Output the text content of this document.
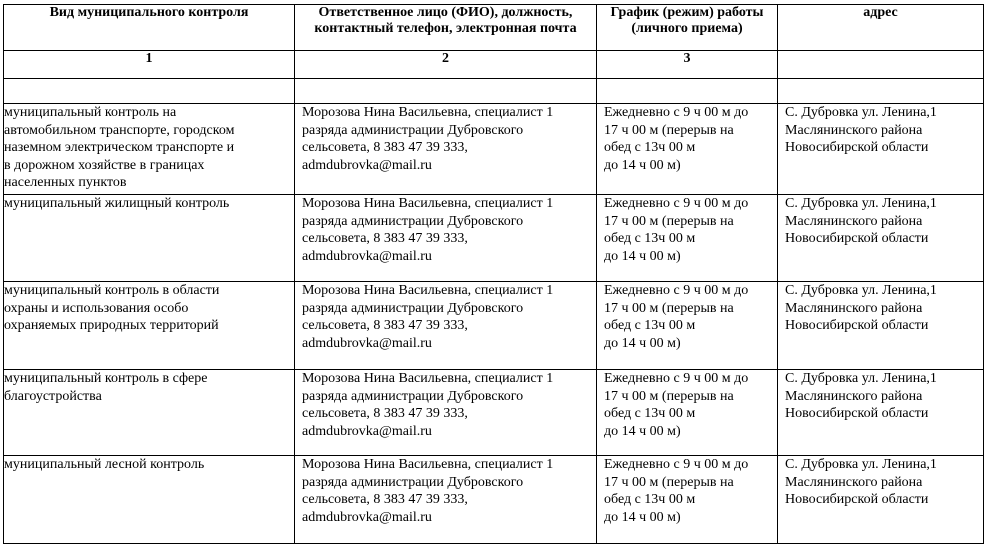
Вид муниципального контроля	Ответственное лицо (ФИО), должность,
контактный телефон, электронная почта	График (режим) работы
(личного приема)	адрес
1	2	3	

муниципальный контроль на
автомобильном транспорте, городском
наземном электрическом транспорте и
в дорожном хозяйстве в границах
населенных пунктов	Морозова Нина Васильевна, специалист 1
разряда администрации Дубровского
сельсовета, 8 383 47 39 333,
admdubrovka@mail.ru	Ежедневно с 9 ч 00 м до
17 ч 00 м (перерыв на
обед с 13ч 00 м
до 14 ч 00 м)	С. Дубровка ул. Ленина,1
Маслянинского района
Новосибирской области

муниципальный жилищный контроль	Морозова Нина Васильевна, специалист 1
разряда администрации Дубровского
сельсовета, 8 383 47 39 333,
admdubrovka@mail.ru	Ежедневно с 9 ч 00 м до
17 ч 00 м (перерыв на
обед с 13ч 00 м
до 14 ч 00 м)	С. Дубровка ул. Ленина,1
Маслянинского района
Новосибирской области

муниципальный контроль в области
охраны и использования особо
охраняемых природных территорий	Морозова Нина Васильевна, специалист 1
разряда администрации Дубровского
сельсовета, 8 383 47 39 333,
admdubrovka@mail.ru	Ежедневно с 9 ч 00 м до
17 ч 00 м (перерыв на
обед с 13ч 00 м
до 14 ч 00 м)	С. Дубровка ул. Ленина,1
Маслянинского района
Новосибирской области

муниципальный контроль в сфере
благоустройства	Морозова Нина Васильевна, специалист 1
разряда администрации Дубровского
сельсовета, 8 383 47 39 333,
admdubrovka@mail.ru	Ежедневно с 9 ч 00 м до
17 ч 00 м (перерыв на
обед с 13ч 00 м
до 14 ч 00 м)	С. Дубровка ул. Ленина,1
Маслянинского района
Новосибирской области

муниципальный лесной контроль	Морозова Нина Васильевна, специалист 1
разряда администрации Дубровского
сельсовета, 8 383 47 39 333,
admdubrovka@mail.ru	Ежедневно с 9 ч 00 м до
17 ч 00 м (перерыв на
обед с 13ч 00 м
до 14 ч 00 м)	С. Дубровка ул. Ленина,1
Маслянинского района
Новосибирской области
